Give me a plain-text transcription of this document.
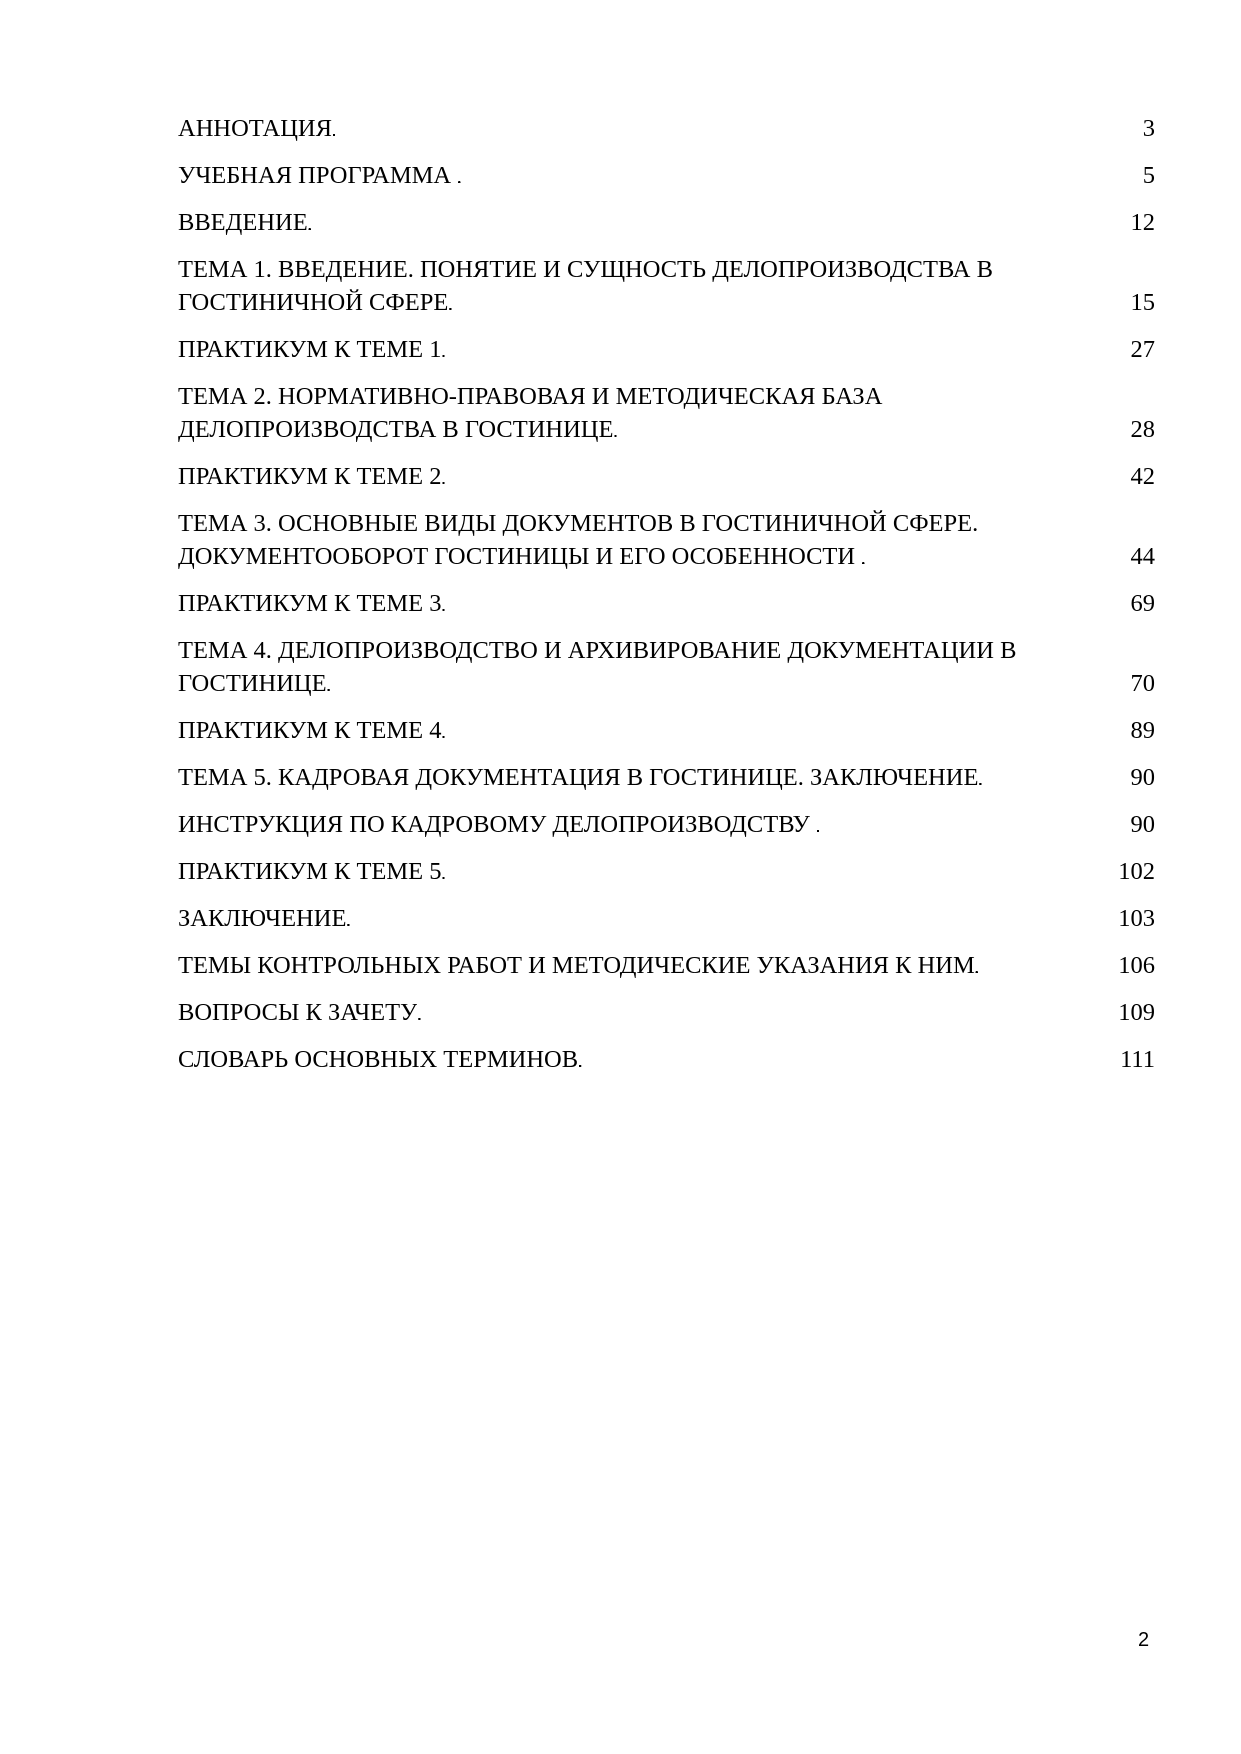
АННОТАЦИЯ . . .	3
УЧЕБНАЯ ПРОГРАММА . . .	5
ВВЕДЕНИЕ . . .	12
ТЕМА 1. ВВЕДЕНИЕ. ПОНЯТИЕ И СУЩНОСТЬ ДЕЛОПРОИЗВОДСТВА В
ГОСТИНИЧНОЙ СФЕРЕ . . .	15
ПРАКТИКУМ К ТЕМЕ 1 . . .	27
ТЕМА 2. НОРМАТИВНО-ПРАВОВАЯ И МЕТОДИЧЕСКАЯ БАЗА
ДЕЛОПРОИЗВОДСТВА В ГОСТИНИЦЕ . . .	28
ПРАКТИКУМ К ТЕМЕ 2 . . .	42
ТЕМА 3. ОСНОВНЫЕ ВИДЫ ДОКУМЕНТОВ В ГОСТИНИЧНОЙ СФЕРЕ.
ДОКУМЕНТООБОРОТ ГОСТИНИЦЫ И ЕГО ОСОБЕННОСТИ . . .	44
ПРАКТИКУМ К ТЕМЕ 3 . . .	69
ТЕМА 4. ДЕЛОПРОИЗВОДСТВО И АРХИВИРОВАНИЕ ДОКУМЕНТАЦИИ В
ГОСТИНИЦЕ . . .	70
ПРАКТИКУМ К ТЕМЕ 4 . . .	89
ТЕМА 5. КАДРОВАЯ ДОКУМЕНТАЦИЯ В ГОСТИНИЦЕ. ЗАКЛЮЧЕНИЕ . . .	90
ИНСТРУКЦИЯ ПО КАДРОВОМУ ДЕЛОПРОИЗВОДСТВУ . . .	90
ПРАКТИКУМ К ТЕМЕ 5 . . .	102
ЗАКЛЮЧЕНИЕ . . .	103
ТЕМЫ КОНТРОЛЬНЫХ РАБОТ И МЕТОДИЧЕСКИЕ УКАЗАНИЯ К НИМ . . .	106
ВОПРОСЫ К ЗАЧЕТУ . . .	109
СЛОВАРЬ ОСНОВНЫХ ТЕРМИНОВ . . .	111
2
